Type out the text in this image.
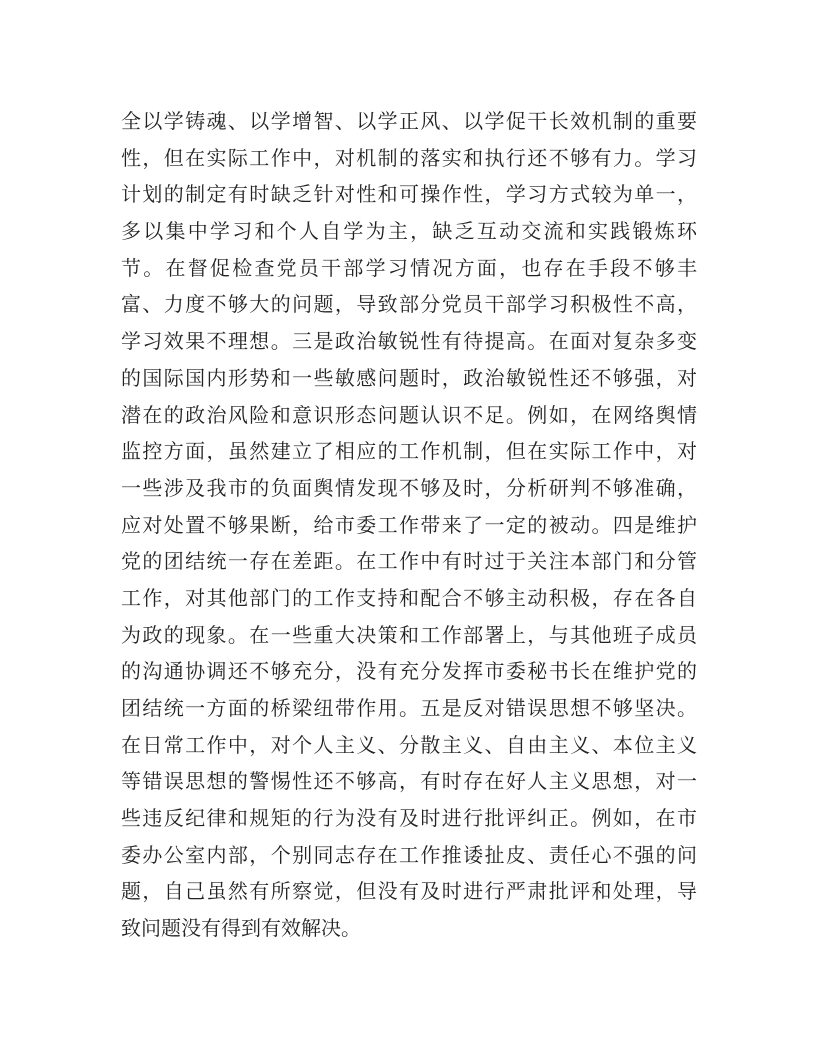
全以学铸魂、以学增智、以学正风、以学促干长效机制的重要
性，但在实际工作中，对机制的落实和执行还不够有力。学习
计划的制定有时缺乏针对性和可操作性，学习方式较为单一，
多以集中学习和个人自学为主，缺乏互动交流和实践锻炼环
节。在督促检查党员干部学习情况方面，也存在手段不够丰
富、力度不够大的问题，导致部分党员干部学习积极性不高，
学习效果不理想。三是政治敏锐性有待提高。在面对复杂多变
的国际国内形势和一些敏感问题时，政治敏锐性还不够强，对
潜在的政治风险和意识形态问题认识不足。例如，在网络舆情
监控方面，虽然建立了相应的工作机制，但在实际工作中，对
一些涉及我市的负面舆情发现不够及时，分析研判不够准确，
应对处置不够果断，给市委工作带来了一定的被动。四是维护
党的团结统一存在差距。在工作中有时过于关注本部门和分管
工作，对其他部门的工作支持和配合不够主动积极，存在各自
为政的现象。在一些重大决策和工作部署上，与其他班子成员
的沟通协调还不够充分，没有充分发挥市委秘书长在维护党的
团结统一方面的桥梁纽带作用。五是反对错误思想不够坚决。
在日常工作中，对个人主义、分散主义、自由主义、本位主义
等错误思想的警惕性还不够高，有时存在好人主义思想，对一
些违反纪律和规矩的行为没有及时进行批评纠正。例如，在市
委办公室内部，个别同志存在工作推诿扯皮、责任心不强的问
题，自己虽然有所察觉，但没有及时进行严肃批评和处理，导
致问题没有得到有效解决。
